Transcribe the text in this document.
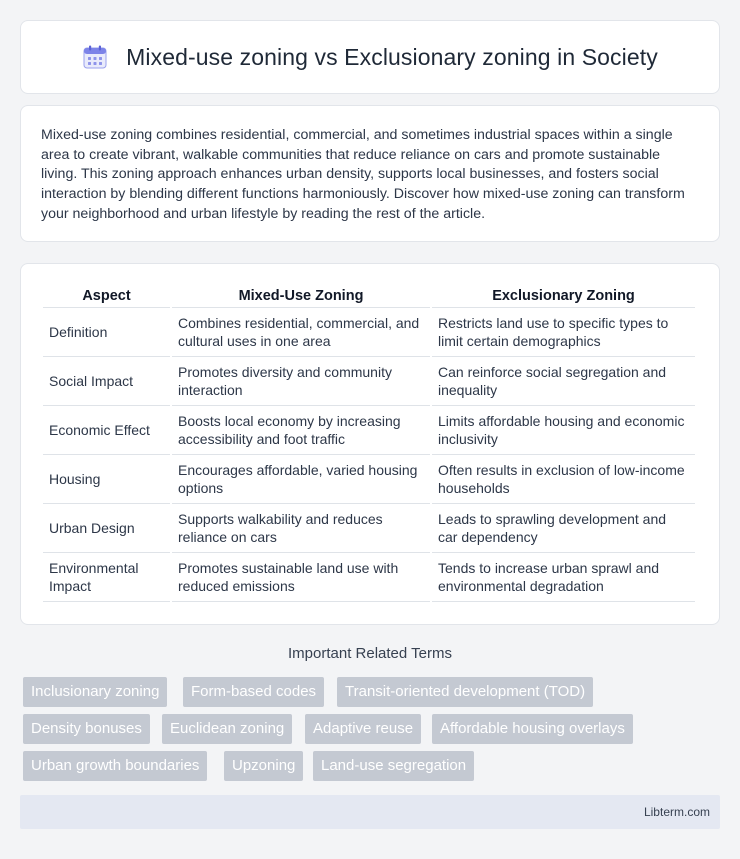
Mixed-use zoning vs Exclusionary zoning in Society

Mixed-use zoning combines residential, commercial, and sometimes industrial spaces within a single area to create vibrant, walkable communities that reduce reliance on cars and promote sustainable living. This zoning approach enhances urban density, supports local businesses, and fosters social interaction by blending different functions harmoniously. Discover how mixed-use zoning can transform your neighborhood and urban lifestyle by reading the rest of the article.

Aspect	Mixed-Use Zoning	Exclusionary Zoning
Definition	Combines residential, commercial, and cultural uses in one area	Restricts land use to specific types to limit certain demographics
Social Impact	Promotes diversity and community interaction	Can reinforce social segregation and inequality
Economic Effect	Boosts local economy by increasing accessibility and foot traffic	Limits affordable housing and economic inclusivity
Housing	Encourages affordable, varied housing options	Often results in exclusion of low-income households
Urban Design	Supports walkability and reduces reliance on cars	Leads to sprawling development and car dependency
Environmental Impact	Promotes sustainable land use with reduced emissions	Tends to increase urban sprawl and environmental degradation
Important Related Terms
Inclusionary zoning	Form-based codes	Transit-oriented development (TOD)
Density bonuses	Euclidean zoning	Adaptive reuse	Affordable housing overlays
Urban growth boundaries	Upzoning	Land-use segregation
Libterm.com
